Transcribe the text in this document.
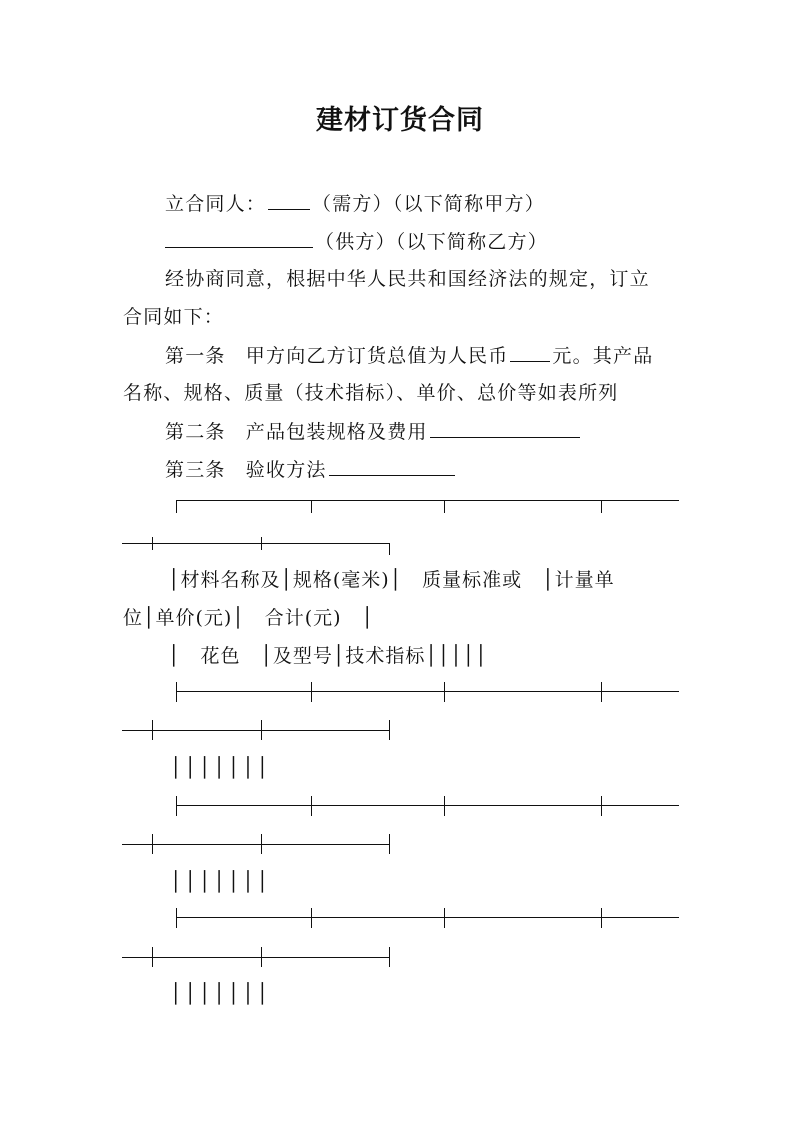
建材订货合同
立合同人： （需方）（以下简称甲方）
（供方）（以下简称乙方）
经协商同意，根据中华人民共和国经济法的规定，订立
合同如下：
第一条　甲方向乙方订货总值为人民币 元。其产品
名称、规格、质量（技术指标）、单价、总价等如表所列
第二条　产品包装规格及费用
第三条　验收方法
│材料名称及│规格(毫米)│　质量标准或　│计量单
位│单价(元)│　合计(元)　│
│　花色　│及型号│技术指标│││││
│││││││
│││││││
│││││││
